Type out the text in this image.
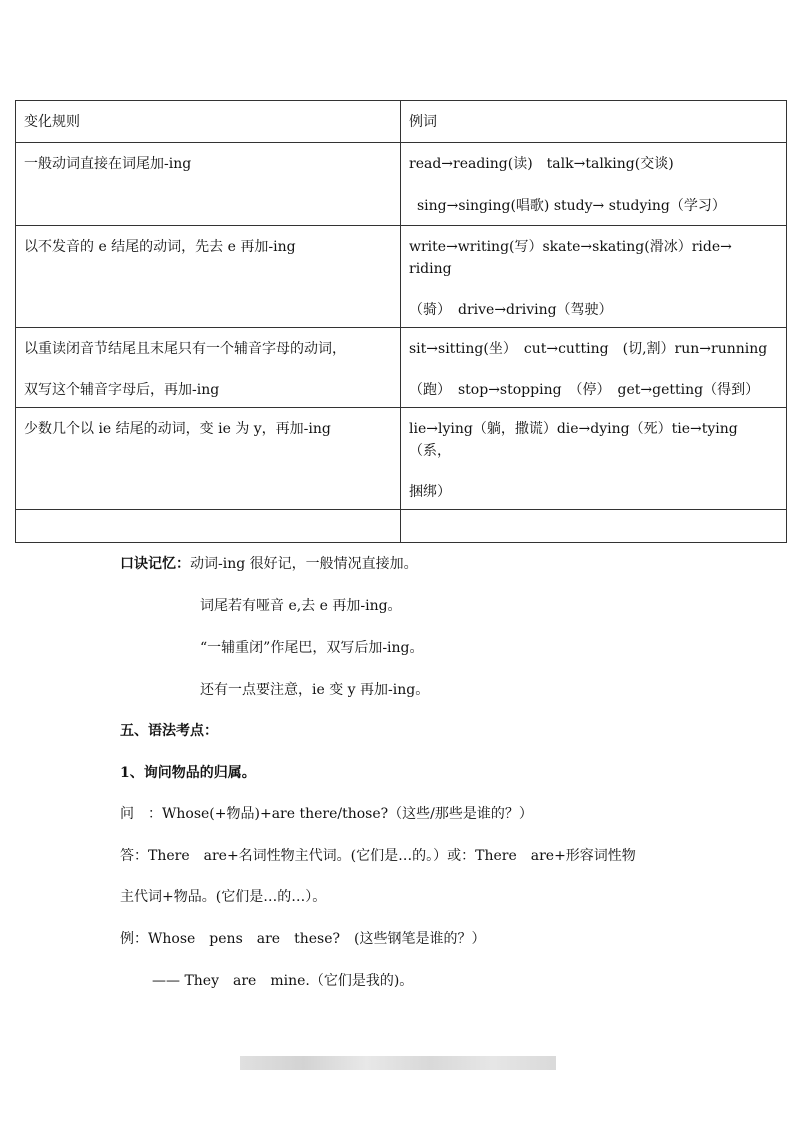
变化规则	例词

一般动词直接在词尾加-ing	read→reading(读)　talk→talking(交谈)
sing→singing(唱歌) study→ studying（学习）

以不发音的 e 结尾的动词，先去 e 再加-ing	write→writing(写）skate→skating(滑冰）ride→ riding
（骑）　drive→driving（驾驶）

以重读闭音节结尾且末尾只有一个辅音字母的动词，
双写这个辅音字母后，再加-ing	sit→sitting(坐）　cut→cutting　(切,割）run→running
（跑）　stop→stopping　（停）　get→getting（得到）

少数几个以 ie 结尾的动词，变 ie 为 y，再加-ing	lie→lying（躺，撒谎）die→dying（死）tie→tying（系，
捆绑）

口诀记忆：动词-ing 很好记，一般情况直接加。
词尾若有哑音 e,去 e 再加-ing。
“一辅重闭”作尾巴，双写后加-ing。
还有一点要注意，ie 变 y 再加-ing。
五、语法考点：
1、询问物品的归属。
问　：Whose(+物品)+are there/those?（这些/那些是谁的？）
答：There　are+名词性物主代词。(它们是…的。）或：There　are+形容词性物
主代词+物品。(它们是…的…）。
例：Whose　pens　are　these?　(这些钢笔是谁的？）
—— They　are　mine.（它们是我的)。
